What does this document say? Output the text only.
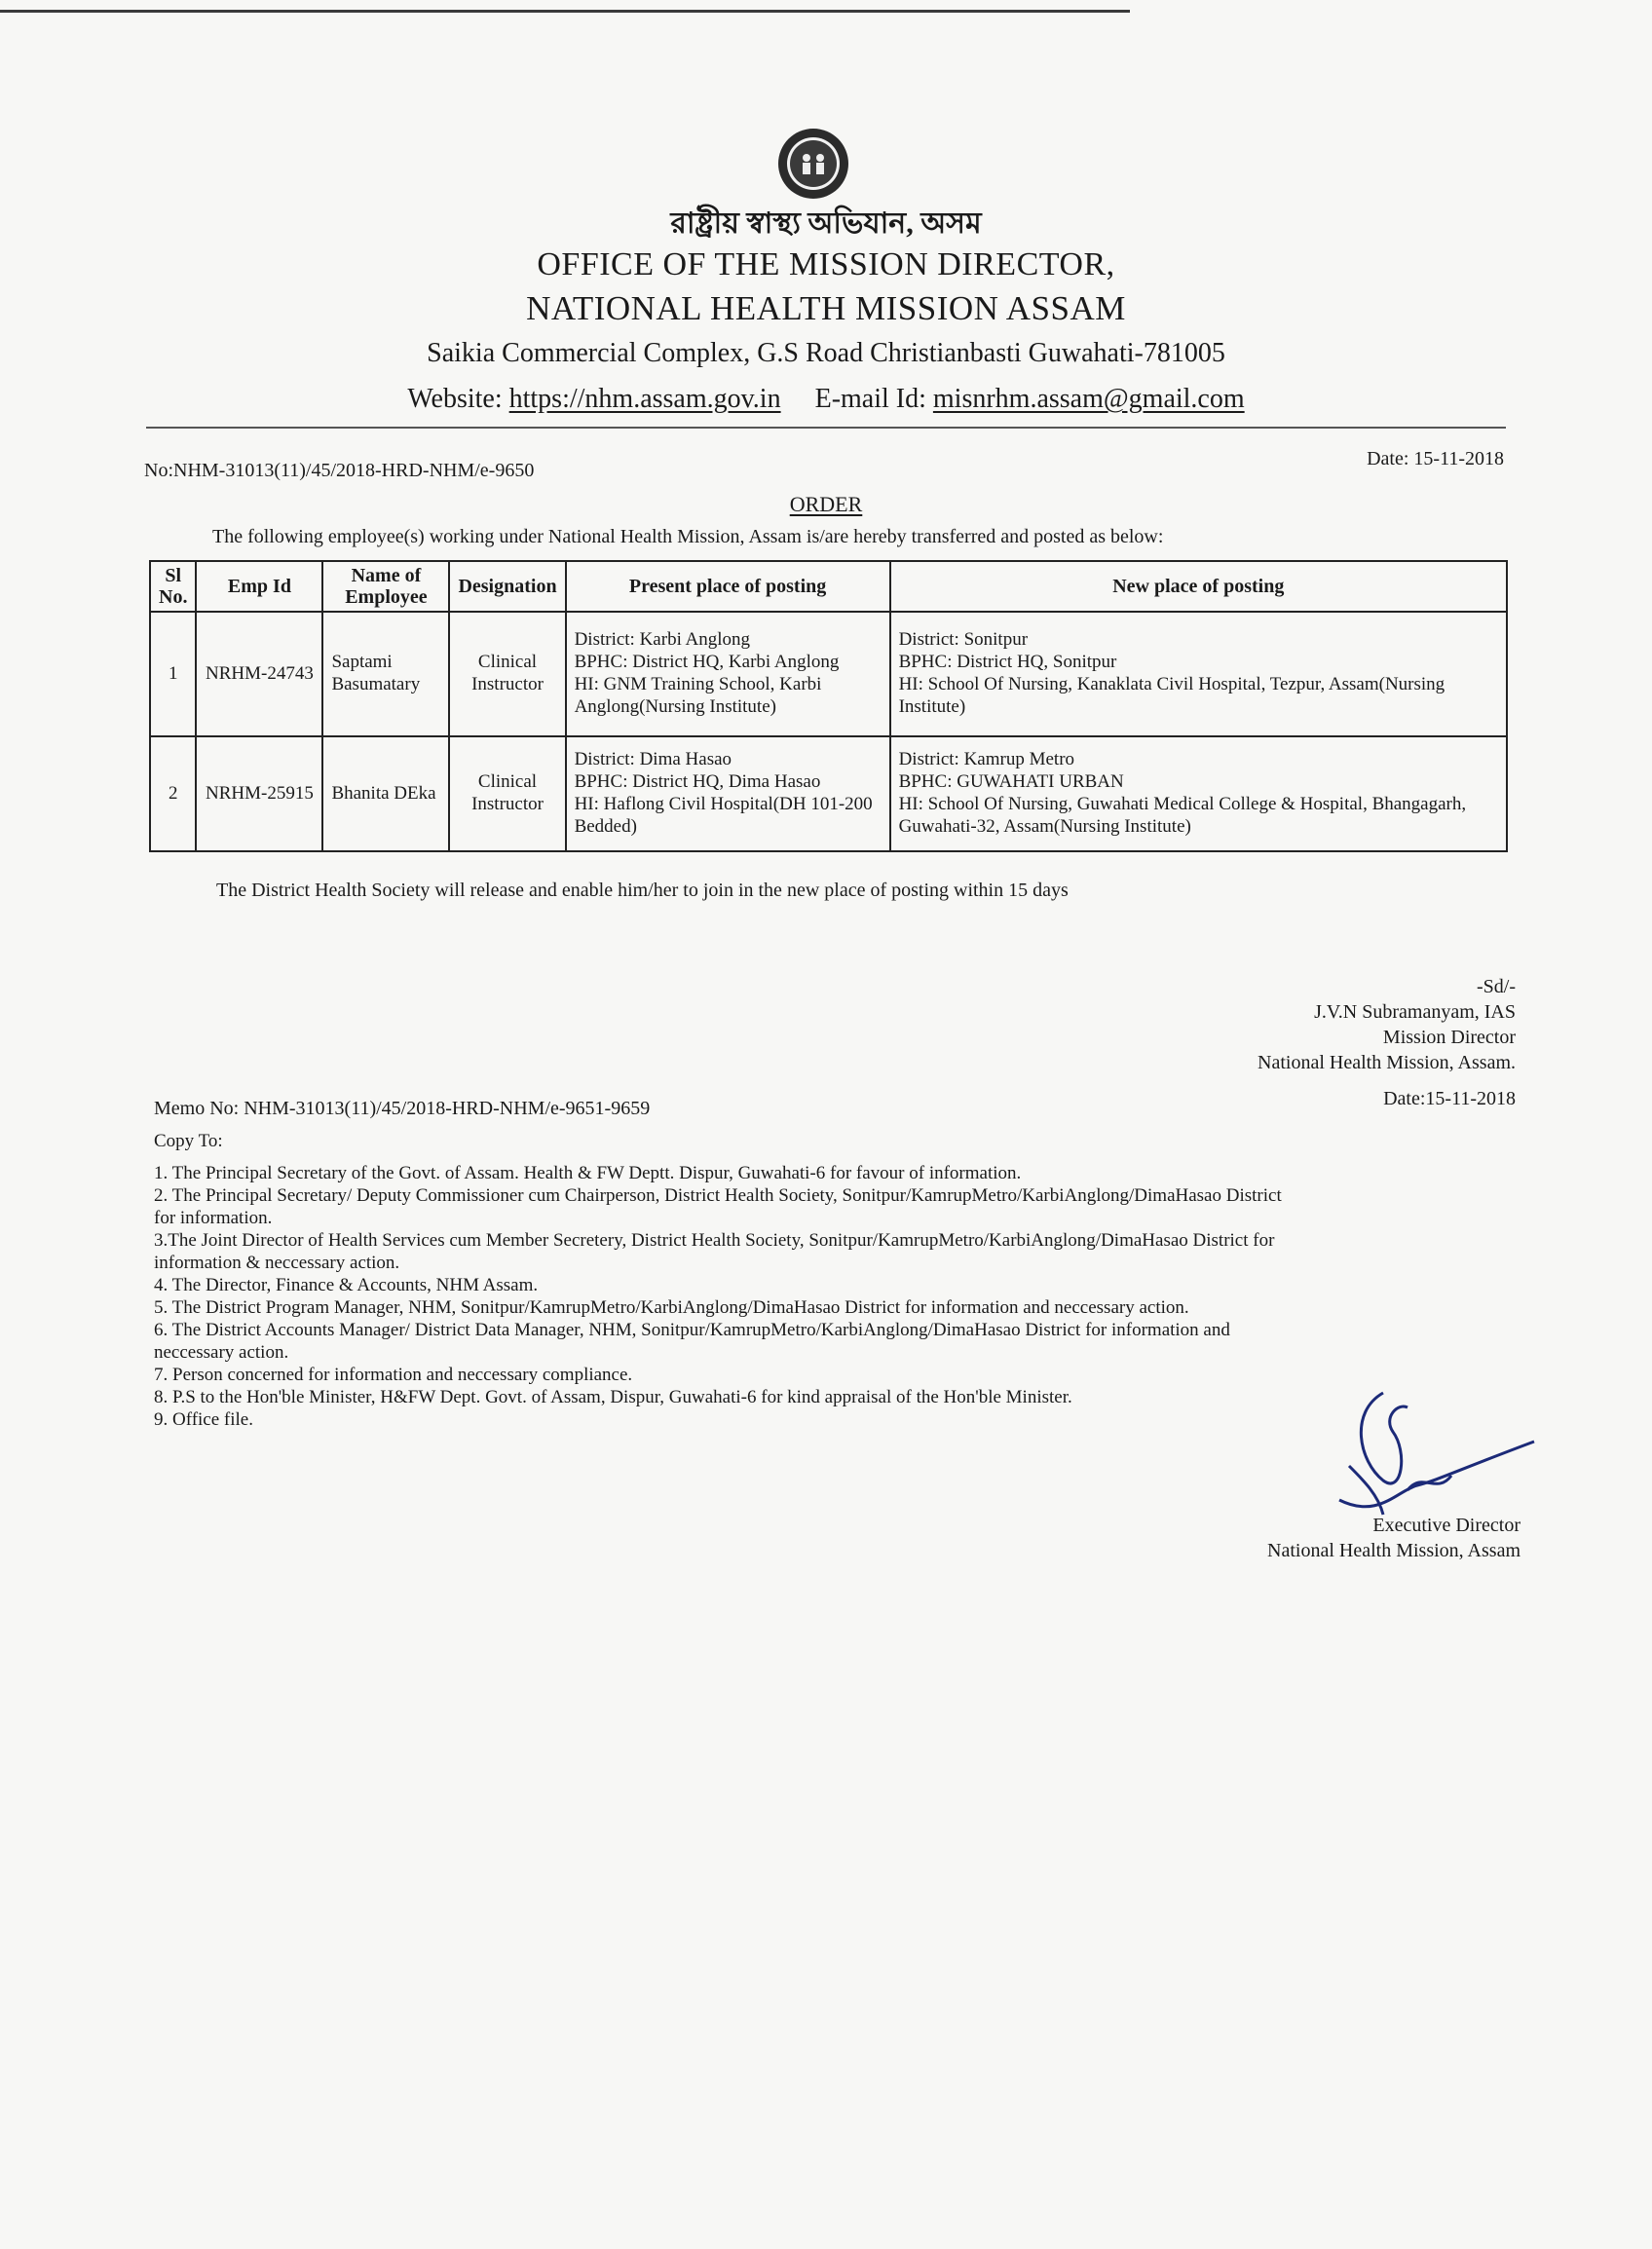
রাষ্ট্রীয় স্বাস্থ্য অভিযান, অসম
OFFICE OF THE MISSION DIRECTOR,
NATIONAL HEALTH MISSION ASSAM
Saikia Commercial Complex, G.S Road Christianbasti Guwahati-781005
Website: https://nhm.assam.gov.in E-mail Id: misnrhm.assam@gmail.com
No:NHM-31013(11)/45/2018-HRD-NHM/e-9650
Date: 15-11-2018
ORDER
The following employee(s) working under National Health Mission, Assam is/are hereby transferred and posted as below:
Sl No.	Emp Id	Name of Employee	Designation	Present place of posting	New place of posting
1	NRHM-24743	Saptami Basumatary	Clinical Instructor	District: Karbi Anglong
BPHC: District HQ, Karbi Anglong
HI: GNM Training School, Karbi Anglong(Nursing Institute)	District: Sonitpur
BPHC: District HQ, Sonitpur
HI: School Of Nursing, Kanaklata Civil Hospital, Tezpur, Assam(Nursing Institute)

2	NRHM-25915	Bhanita DEka	Clinical Instructor	District: Dima Hasao
BPHC: District HQ, Dima Hasao
HI: Haflong Civil Hospital(DH 101-200 Bedded)	District: Kamrup Metro
BPHC: GUWAHATI URBAN
HI: School Of Nursing, Guwahati Medical College & Hospital, Bhangagarh, Guwahati-32, Assam(Nursing Institute)
The District Health Society will release and enable him/her to join in the new place of posting within 15 days
-Sd/-
J.V.N Subramanyam, IAS
Mission Director
National Health Mission, Assam.
Memo No: NHM-31013(11)/45/2018-HRD-NHM/e-9651-9659	Date:15-11-2018
Copy To:
1. The Principal Secretary of the Govt. of Assam. Health & FW Deptt. Dispur, Guwahati-6 for favour of information.
2. The Principal Secretary/ Deputy Commissioner cum Chairperson, District Health Society, Sonitpur/KamrupMetro/KarbiAnglong/DimaHasao District
for information.
3.The Joint Director of Health Services cum Member Secretery, District Health Society, Sonitpur/KamrupMetro/KarbiAnglong/DimaHasao District for
information & neccessary action.
4. The Director, Finance & Accounts, NHM Assam.
5. The District Program Manager, NHM, Sonitpur/KamrupMetro/KarbiAnglong/DimaHasao District for information and neccessary action.
6. The District Accounts Manager/ District Data Manager, NHM, Sonitpur/KamrupMetro/KarbiAnglong/DimaHasao District for information and
neccessary action.
7. Person concerned for information and neccessary compliance.
8. P.S to the Hon'ble Minister, H&FW Dept. Govt. of Assam, Dispur, Guwahati-6 for kind appraisal of the Hon'ble Minister.
9. Office file.
Executive Director
National Health Mission, Assam
